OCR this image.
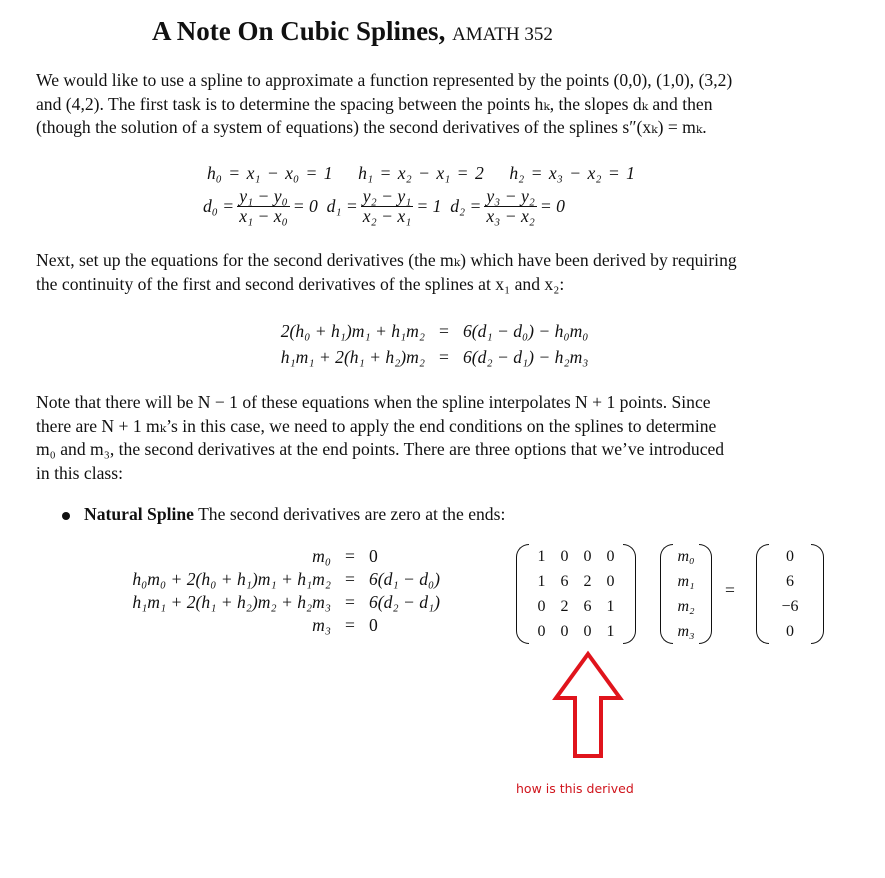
A Note On Cubic Splines, AMATH 352

We would like to use a spline to approximate a function represented by the points (0,0), (1,0), (3,2)

and (4,2). The first task is to determine the spacing between the points hₖ, the slopes dₖ and then

(though the solution of a system of equations) the second derivatives of the splines s″(xₖ) = mₖ.

h₀ = x₁ − x₀ = 1 h₁ = x₂ − x₁ = 2 h₂ = x₃ − x₂ = 1
$d_0 = \frac{\text{y₁ − y₀}}{\text{x₁ − x₀}} = 0$
$d_1 = \frac{\text{y₂ − y₁}}{\text{x₂ − x₁}} = 1$
$d_2 = \frac{\text{y₃ − y₂}}{\text{x₃ − x₂}} = 0$

Next, set up the equations for the second derivatives (the mₖ) which have been derived by requiring

the continuity of the first and second derivatives of the splines at x₁ and x₂:

2(h₀ + h₁)m₁ + h₁m₂ = 6(d₁ − d₀) − h₀m₀
h₁m₁ + 2(h₁ + h₂)m₂ = 6(d₂ − d₁) − h₂m₃

Note that there will be N − 1 of these equations when the spline interpolates N + 1 points. Since

there are N + 1 mₖ’s in this case, we need to apply the end conditions on the splines to determine

m₀ and m₃, the second derivatives at the end points. There are three options that we’ve introduced

in this class:

Natural Spline The second derivatives are zero at the ends:
m₀ = 0
h₀m₀ + 2(h₀ + h₁)m₁ + h₁m₂ = 6(d₁ − d₀)
h₁m₁ + 2(h₁ + h₂)m₂ + h₂m₃ = 6(d₂ − d₁)
m₃ = 0
1 0 0 0
1 6 2 0
0 2 6 1
0 0 0 1
m₀
m₁
m₂
m₃
=
0
6
−6
0
how is this derived
